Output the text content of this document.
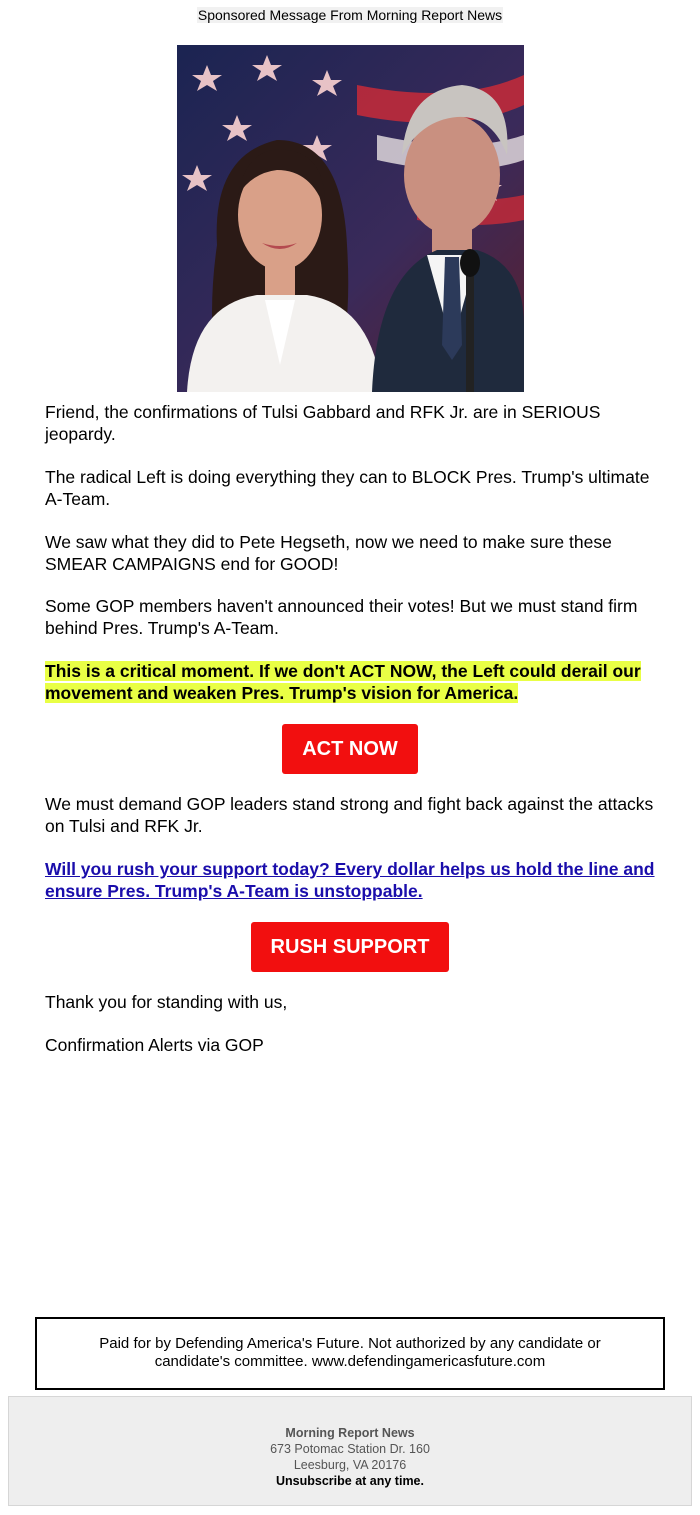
Sponsored Message From Morning Report News

Friend, the confirmations of Tulsi Gabbard and RFK Jr. are in SERIOUS jeopardy.

The radical Left is doing everything they can to BLOCK Pres. Trump's ultimate A-Team.

We saw what they did to Pete Hegseth, now we need to make sure these SMEAR CAMPAIGNS end for GOOD!

Some GOP members haven't announced their votes! But we must stand firm behind Pres. Trump's A-Team.

This is a critical moment. If we don't ACT NOW, the Left could derail our movement and weaken Pres. Trump's vision for America.

ACT NOW

We must demand GOP leaders stand strong and fight back against the attacks on Tulsi and RFK Jr.

Will you rush your support today? Every dollar helps us hold the line and ensure Pres. Trump's A-Team is unstoppable.

RUSH SUPPORT

Thank you for standing with us,

Confirmation Alerts via GOP

Paid for by Defending America's Future. Not authorized by any candidate or candidate's committee. www.defendingamericasfuture.com

Morning Report News
673 Potomac Station Dr. 160
Leesburg, VA 20176
Unsubscribe at any time.
